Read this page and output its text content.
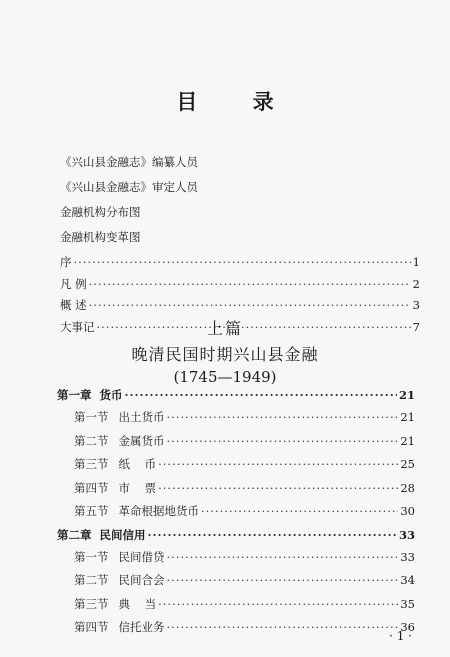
目 录
《兴山县金融志》编纂人员
《兴山县金融志》审定人员
金融机构分布图
金融机构变革图
序 ·····	1
凡 例 ·····	2
概 述 ·····	3
大事记 ·····	7
上篇
晚清民国时期兴山县金融
(1745—1949)
第一章 货币 ·····	21
第一节 出土货币 ·····	21
第二节 金属货币 ·····	21
第三节 纸    币 ·····	25
第四节 市    票 ·····	28
第五节 革命根据地货币 ·····	30
第二章 民间信用 ·····	33
第一节 民间借贷 ·····	33
第二节 民间合会 ·····	34
第三节 典    当 ·····	35
第四节 信托业务 ·····	36
· 1 ·
